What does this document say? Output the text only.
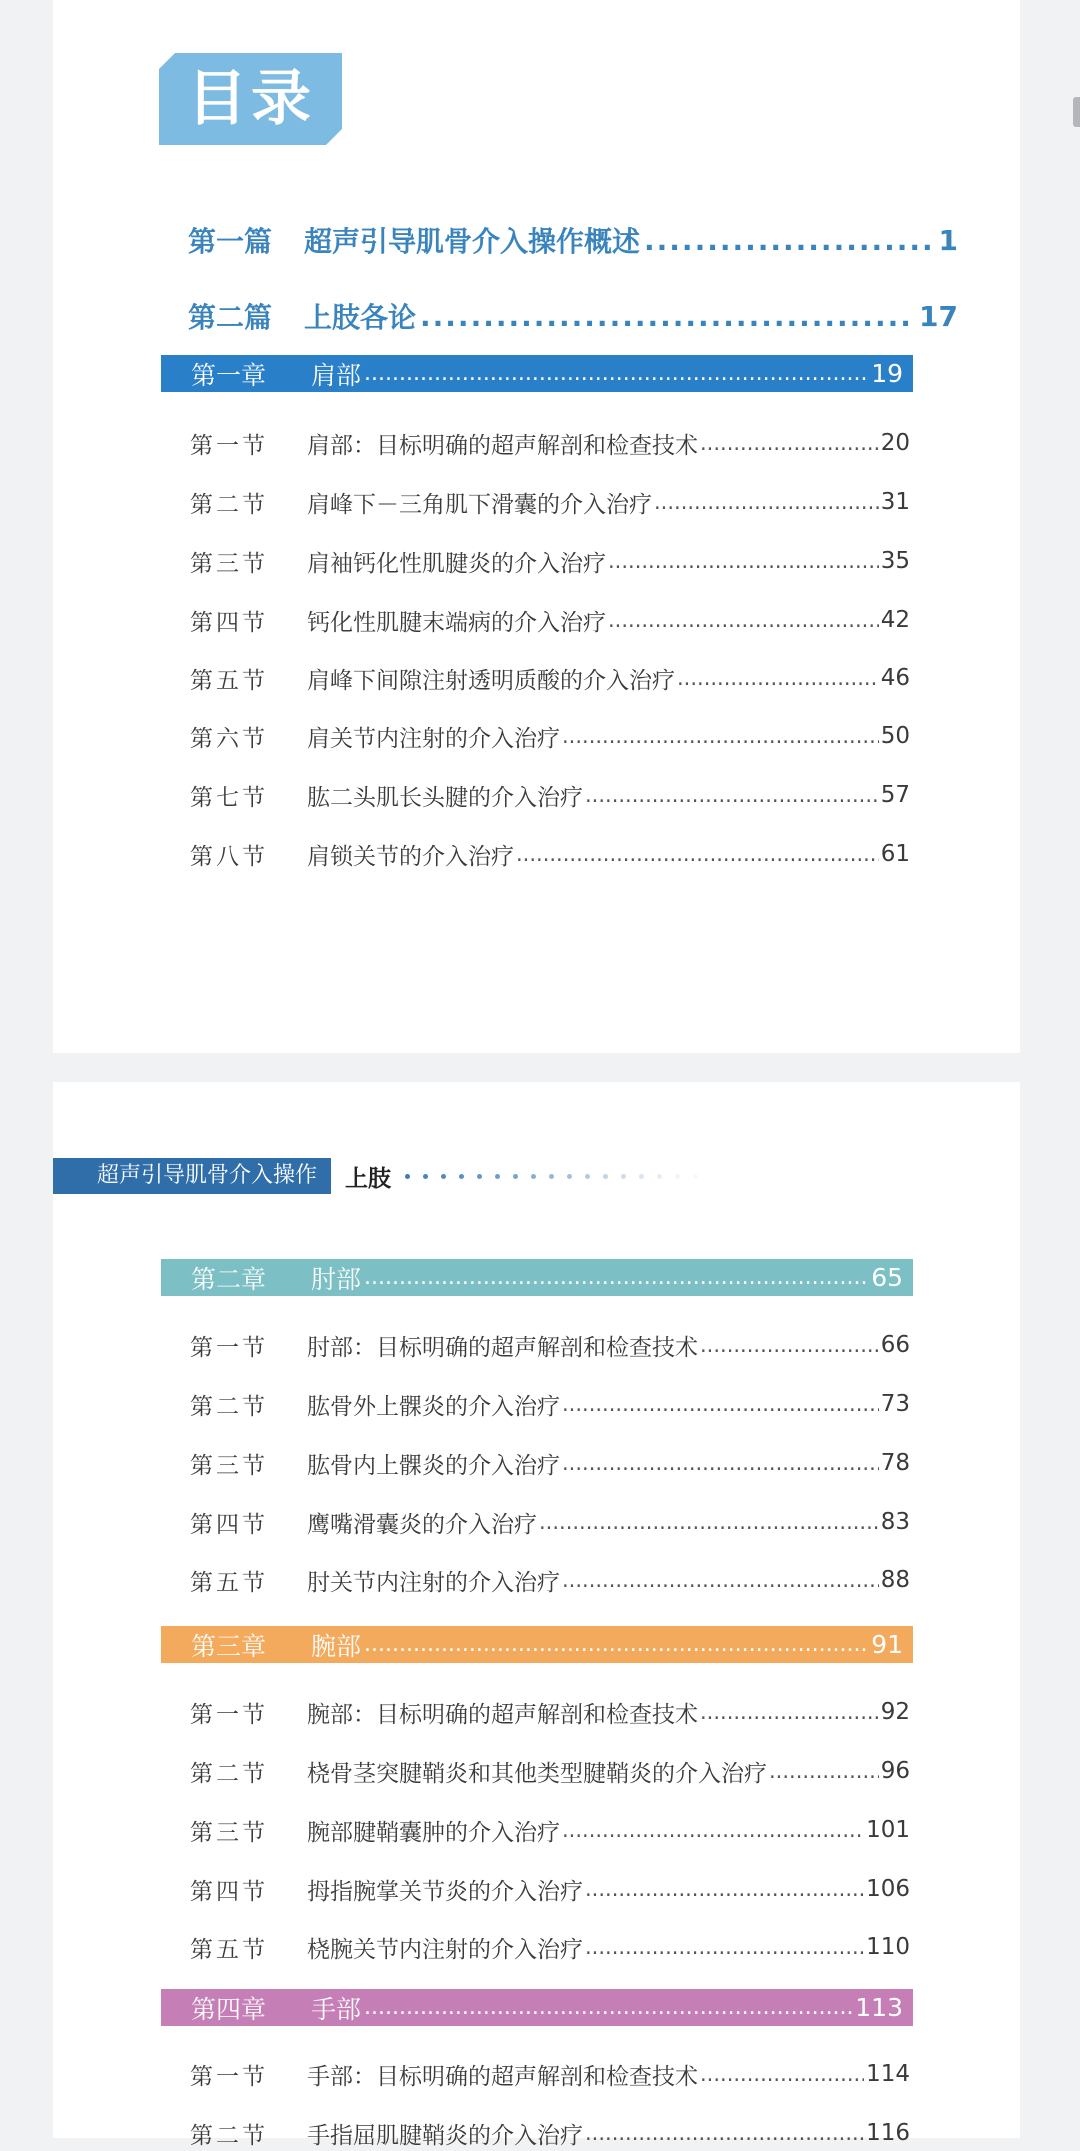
目录
第一篇	超声引导肌骨介入操作概述 .....	1
第二篇	上肢各论 .....	17
第一章	肩部 .....	19
第一节	肩部：目标明确的超声解剖和检查技术 .....	20
第二节	肩峰下－三角肌下滑囊的介入治疗 .....	31
第三节	肩袖钙化性肌腱炎的介入治疗 .....	35
第四节	钙化性肌腱末端病的介入治疗 .....	42
第五节	肩峰下间隙注射透明质酸的介入治疗 .....	46
第六节	肩关节内注射的介入治疗 .....	50
第七节	肱二头肌长头腱的介入治疗 .....	57
第八节	肩锁关节的介入治疗 .....	61
超声引导肌骨介入操作	上肢
第二章	肘部 .....	65
第一节	肘部：目标明确的超声解剖和检查技术 .....	66
第二节	肱骨外上髁炎的介入治疗 .....	73
第三节	肱骨内上髁炎的介入治疗 .....	78
第四节	鹰嘴滑囊炎的介入治疗 .....	83
第五节	肘关节内注射的介入治疗 .....	88
第三章	腕部 .....	91
第一节	腕部：目标明确的超声解剖和检查技术 .....	92
第二节	桡骨茎突腱鞘炎和其他类型腱鞘炎的介入治疗 .....	96
第三节	腕部腱鞘囊肿的介入治疗 .....	101
第四节	拇指腕掌关节炎的介入治疗 .....	106
第五节	桡腕关节内注射的介入治疗 .....	110
第四章	手部 .....	113
第一节	手部：目标明确的超声解剖和检查技术 .....	114
第二节	手指屈肌腱鞘炎的介入治疗 .....	116
